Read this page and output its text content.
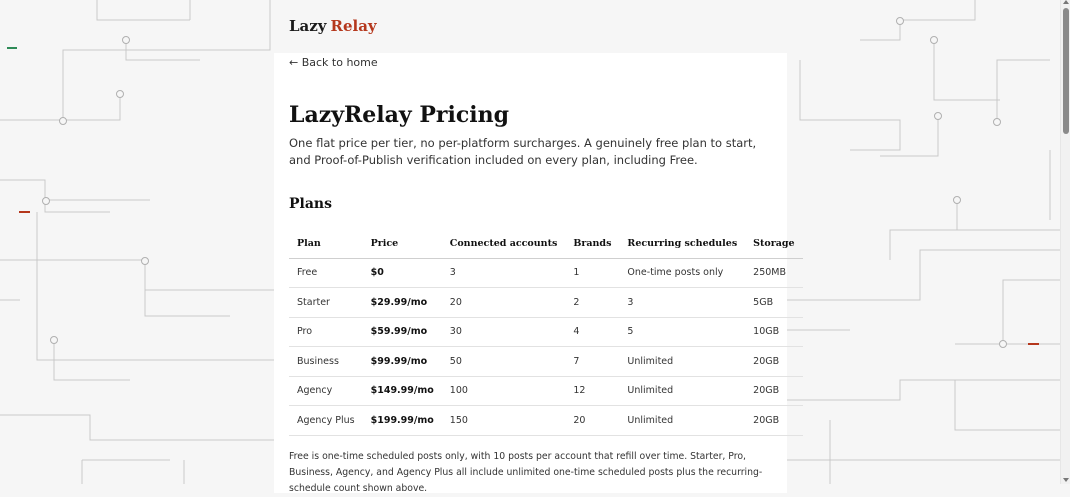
Lazy Relay
← Back to home
LazyRelay Pricing

One flat price per tier, no per-platform surcharges. A genuinely free plan to start, and Proof-of-Publish verification included on every plan, including Free.

Plans
Plan	Price	Connected accounts	Brands	Recurring schedules	Storage
Free	$0	3	1	One-time posts only	250MB
Starter	$29.99/mo	20	2	3	5GB
Pro	$59.99/mo	30	4	5	10GB
Business	$99.99/mo	50	7	Unlimited	20GB
Agency	$149.99/mo	100	12	Unlimited	20GB
Agency Plus	$199.99/mo	150	20	Unlimited	20GB

Free is one-time scheduled posts only, with 10 posts per account that refill over time. Starter, Pro, Business, Agency, and Agency Plus all include unlimited one-time scheduled posts plus the recurring-schedule count shown above.
